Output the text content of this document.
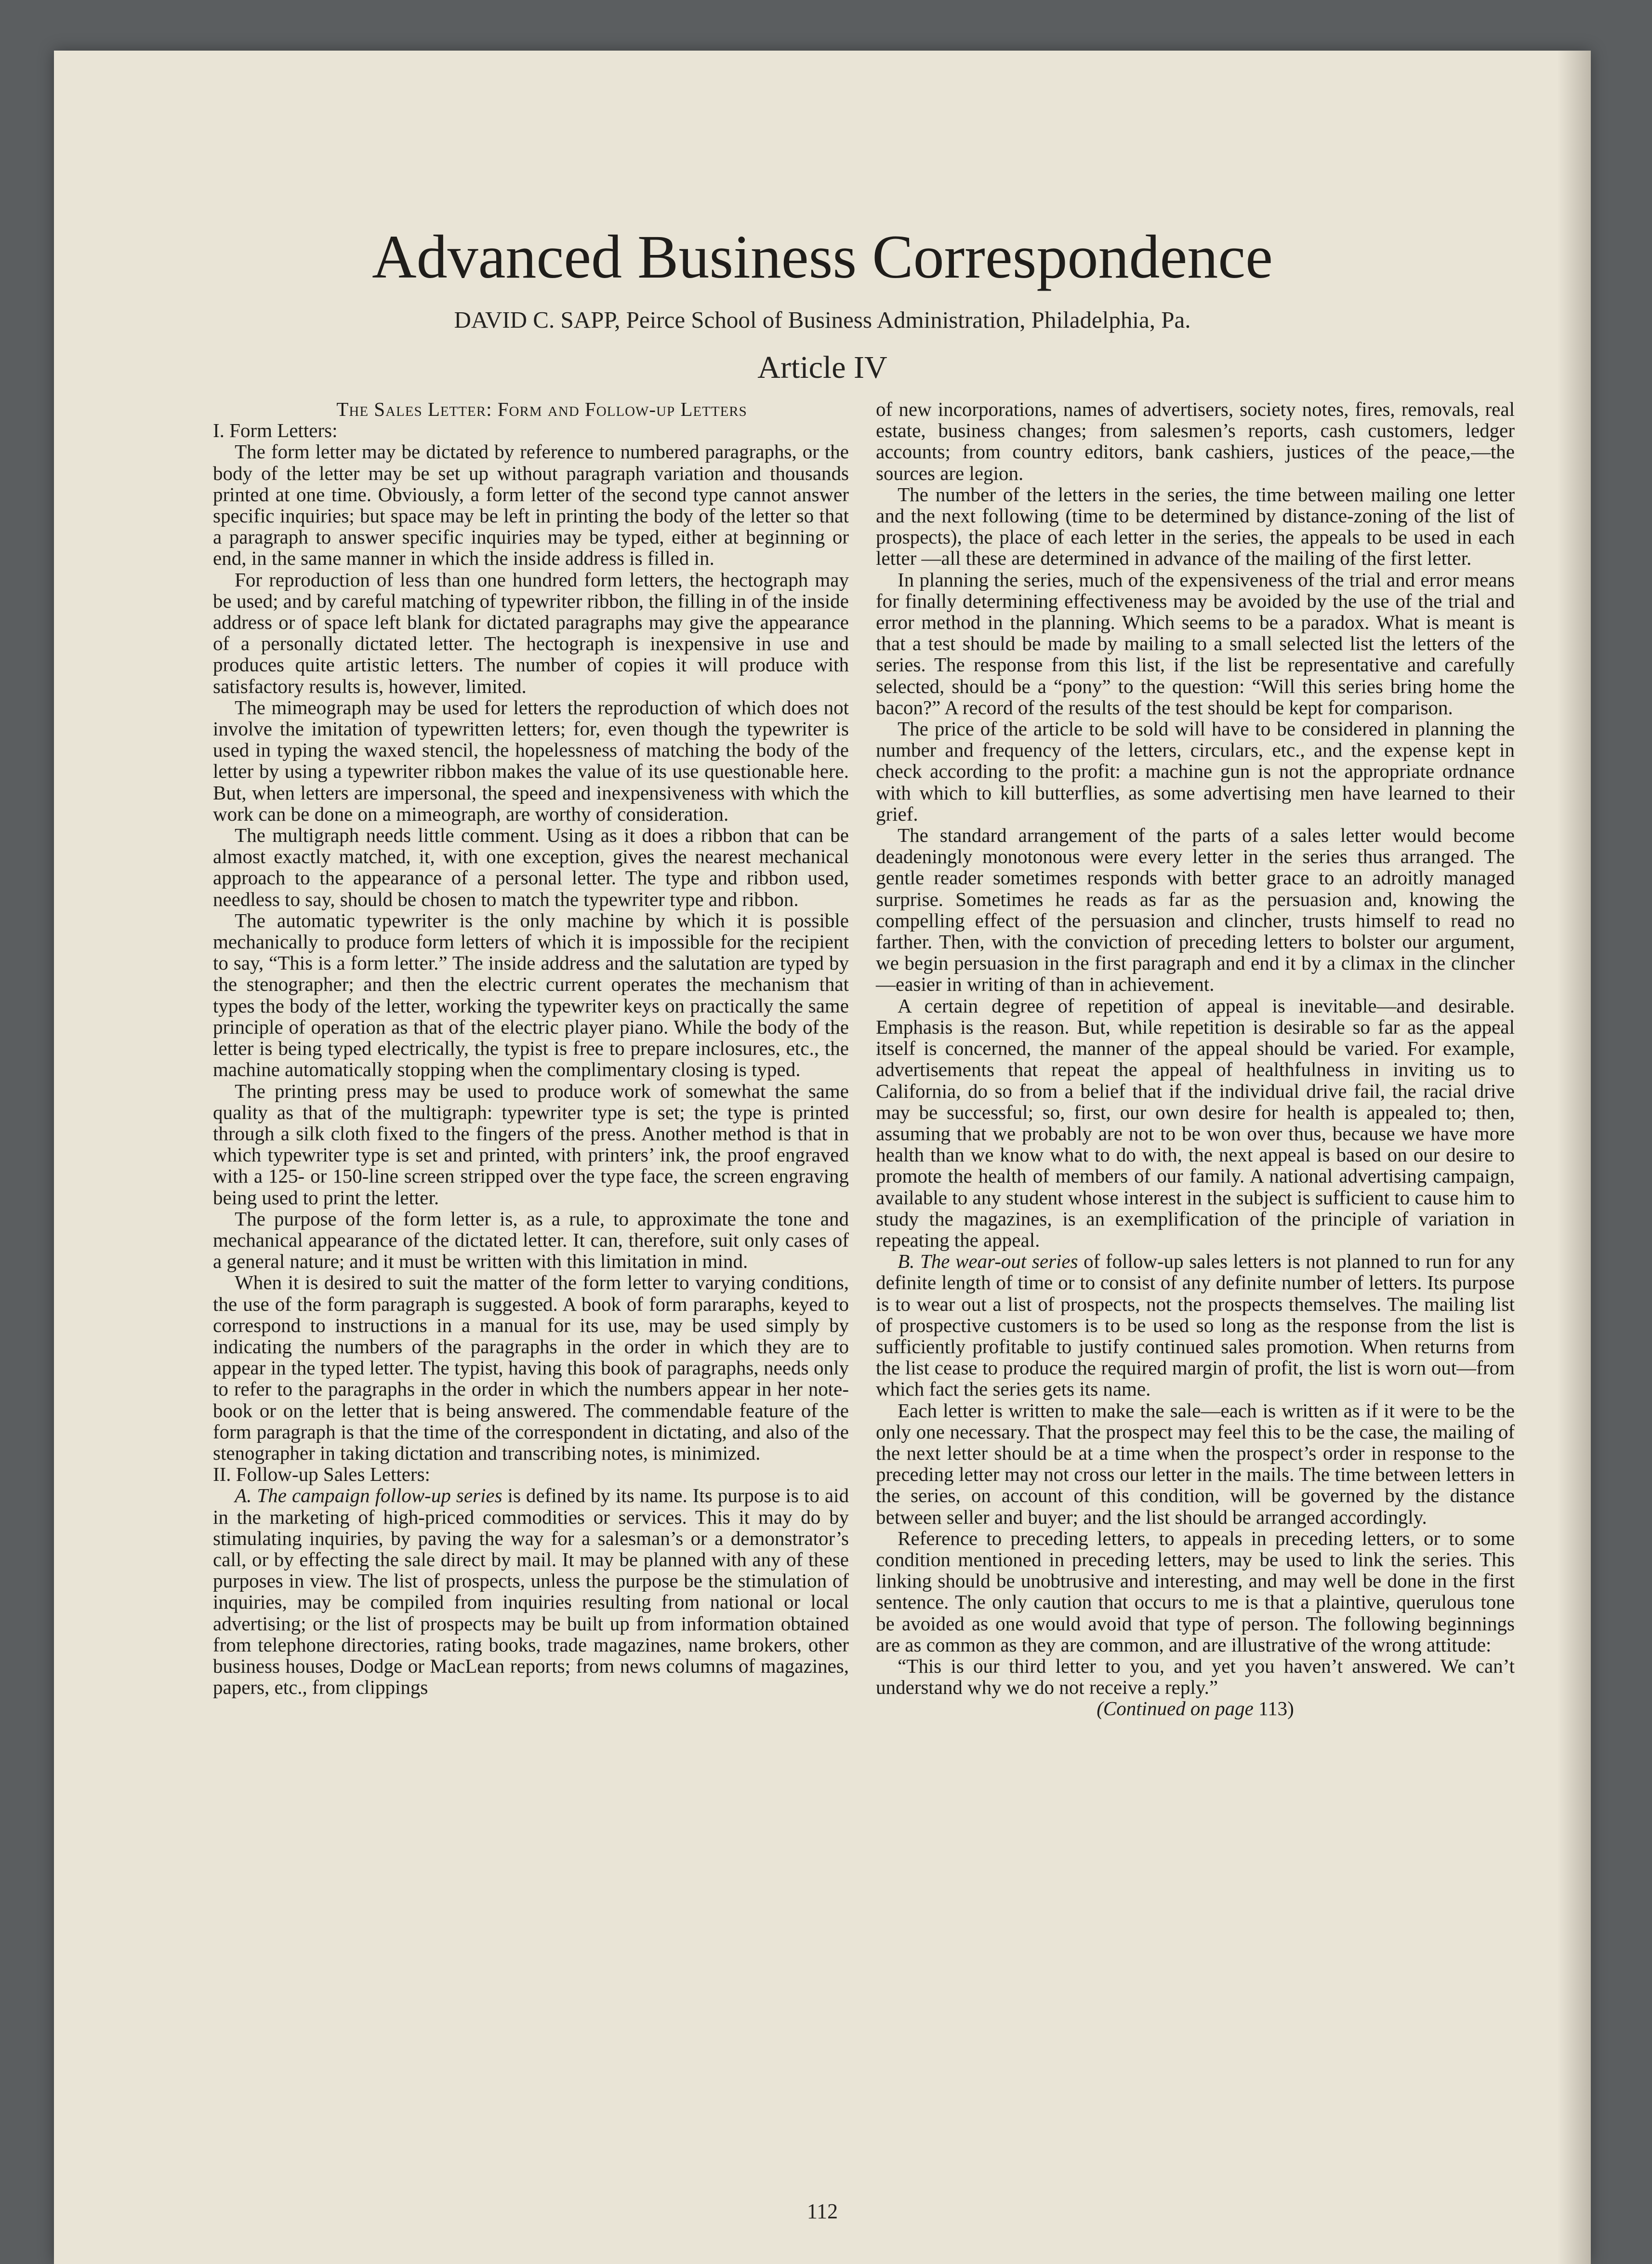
Advanced Business Correspondence
DAVID C. SAPP, Peirce School of Business Administration, Philadelphia, Pa.
Article IV

The Sales Letter: Form and Follow-up Letters

I. Form Letters:

The form letter may be dictated by reference to numbered paragraphs, or the body of the letter may be set up without paragraph variation and thousands printed at one time. Obviously, a form letter of the second type cannot answer specific inquiries; but space may be left in printing the body of the letter so that a paragraph to answer specific inquiries may be typed, either at beginning or end, in the same manner in which the inside address is filled in.

For reproduction of less than one hundred form letters, the hectograph may be used; and by careful matching of typewriter ribbon, the filling in of the inside address or of space left blank for dictated paragraphs may give the appearance of a personally dictated letter. The hectograph is inexpensive in use and produces quite artistic letters. The number of copies it will produce with satisfactory results is, however, limited.

The mimeograph may be used for letters the reproduction of which does not involve the imitation of typewritten letters; for, even though the typewriter is used in typing the waxed stencil, the hopelessness of matching the body of the letter by using a typewriter ribbon makes the value of its use questionable here. But, when letters are impersonal, the speed and inexpensiveness with which the work can be done on a mimeograph, are worthy of consideration.

The multigraph needs little comment. Using as it does a ribbon that can be almost exactly matched, it, with one exception, gives the nearest mechanical approach to the appearance of a personal letter. The type and ribbon used, needless to say, should be chosen to match the typewriter type and ribbon.

The automatic typewriter is the only machine by which it is possible mechanically to produce form letters of which it is impossible for the recipient to say, “This is a form letter.” The inside address and the salutation are typed by the stenographer; and then the electric current operates the mechanism that types the body of the letter, working the typewriter keys on practically the same principle of operation as that of the electric player piano. While the body of the letter is being typed electrically, the typist is free to prepare inclosures, etc., the machine automatically stopping when the complimentary closing is typed.

The printing press may be used to produce work of somewhat the same quality as that of the multigraph: typewriter type is set; the type is printed through a silk cloth fixed to the fingers of the press. Another method is that in which typewriter type is set and printed, with printers’ ink, the proof engraved with a 125- or 150-line screen stripped over the type face, the screen engraving being used to print the letter.

The purpose of the form letter is, as a rule, to approximate the tone and mechanical appearance of the dictated letter. It can, therefore, suit only cases of a general nature; and it must be written with this limitation in mind.

When it is desired to suit the matter of the form letter to varying conditions, the use of the form paragraph is suggested. A book of form pararaphs, keyed to correspond to instructions in a manual for its use, may be used simply by indicating the numbers of the paragraphs in the order in which they are to appear in the typed letter. The typist, having this book of paragraphs, needs only to refer to the paragraphs in the order in which the numbers appear in her note-book or on the letter that is being answered. The commendable feature of the form paragraph is that the time of the correspondent in dictating, and also of the stenographer in taking dictation and transcribing notes, is minimized.

II. Follow-up Sales Letters:

A. The campaign follow-up series is defined by its name. Its purpose is to aid in the marketing of high-priced commodities or services. This it may do by stimulating inquiries, by paving the way for a salesman’s or a demonstrator’s call, or by effecting the sale direct by mail. It may be planned with any of these purposes in view. The list of prospects, unless the purpose be the stimulation of inquiries, may be compiled from inquiries resulting from national or local advertising; or the list of prospects may be built up from information obtained from telephone directories, rating books, trade magazines, name brokers, other business houses, Dodge or MacLean reports; from news columns of magazines, papers, etc., from clippings

of new incorporations, names of advertisers, society notes, fires, removals, real estate, business changes; from salesmen’s reports, cash customers, ledger accounts; from country editors, bank cashiers, justices of the peace,—the sources are legion.

The number of the letters in the series, the time between mailing one letter and the next following (time to be determined by distance-zoning of the list of prospects), the place of each letter in the series, the appeals to be used in each letter —all these are determined in advance of the mailing of the first letter.

In planning the series, much of the expensiveness of the trial and error means for finally determining effectiveness may be avoided by the use of the trial and error method in the planning. Which seems to be a paradox. What is meant is that a test should be made by mailing to a small selected list the letters of the series. The response from this list, if the list be representative and carefully selected, should be a “pony” to the question: “Will this series bring home the bacon?” A record of the results of the test should be kept for comparison.

The price of the article to be sold will have to be considered in planning the number and frequency of the letters, circulars, etc., and the expense kept in check according to the profit: a machine gun is not the appropriate ordnance with which to kill butterflies, as some advertising men have learned to their grief.

The standard arrangement of the parts of a sales letter would become deadeningly monotonous were every letter in the series thus arranged. The gentle reader sometimes responds with better grace to an adroitly managed surprise. Sometimes he reads as far as the persuasion and, knowing the compelling effect of the persuasion and clincher, trusts himself to read no farther. Then, with the conviction of preceding letters to bolster our argument, we begin persuasion in the first paragraph and end it by a climax in the clincher—easier in writing of than in achievement.

A certain degree of repetition of appeal is inevitable—and desirable. Emphasis is the reason. But, while repetition is desirable so far as the appeal itself is concerned, the manner of the appeal should be varied. For example, advertisements that repeat the appeal of healthfulness in inviting us to California, do so from a belief that if the individual drive fail, the racial drive may be successful; so, first, our own desire for health is appealed to; then, assuming that we probably are not to be won over thus, because we have more health than we know what to do with, the next appeal is based on our desire to promote the health of members of our family. A national advertising campaign, available to any student whose interest in the subject is sufficient to cause him to study the magazines, is an exemplification of the principle of variation in repeating the appeal.

B. The wear-out series of follow-up sales letters is not planned to run for any definite length of time or to consist of any definite number of letters. Its purpose is to wear out a list of prospects, not the prospects themselves. The mailing list of prospective customers is to be used so long as the response from the list is sufficiently profitable to justify continued sales promotion. When returns from the list cease to produce the required margin of profit, the list is worn out—from which fact the series gets its name.

Each letter is written to make the sale—each is written as if it were to be the only one necessary. That the prospect may feel this to be the case, the mailing of the next letter should be at a time when the prospect’s order in response to the preceding letter may not cross our letter in the mails. The time between letters in the series, on account of this condition, will be governed by the distance between seller and buyer; and the list should be arranged accordingly.

Reference to preceding letters, to appeals in preceding letters, or to some condition mentioned in preceding letters, may be used to link the series. This linking should be unobtrusive and interesting, and may well be done in the first sentence. The only caution that occurs to me is that a plaintive, querulous tone be avoided as one would avoid that type of person. The following beginnings are as common as they are common, and are illustrative of the wrong attitude:

“This is our third letter to you, and yet you haven’t answered. We can’t understand why we do not receive a reply.”

(Continued on page 113)

112
